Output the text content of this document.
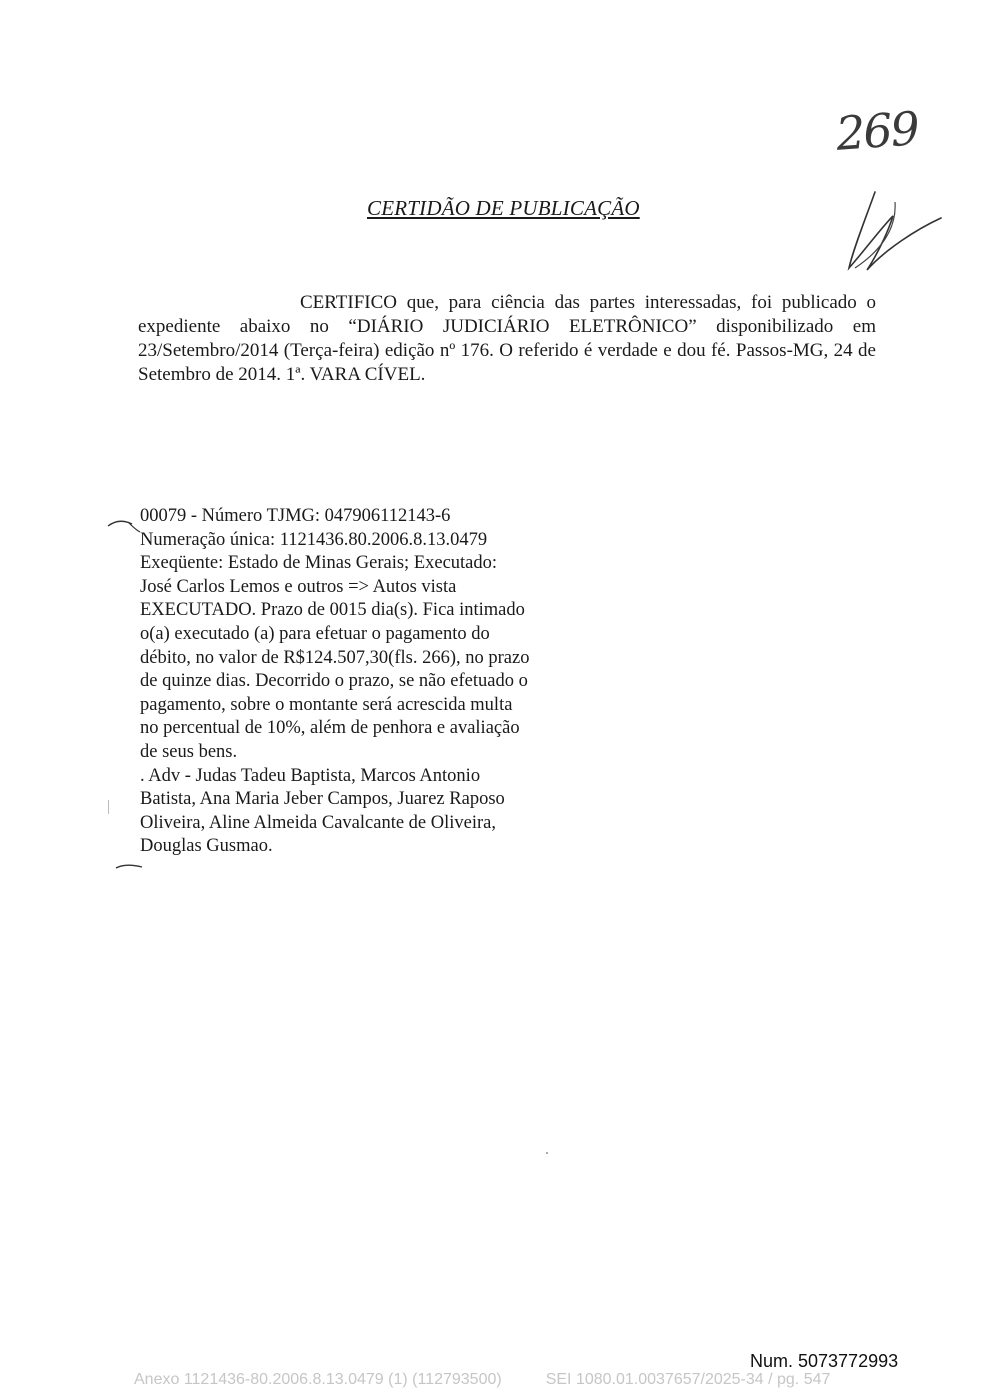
269
CERTIDÃO DE PUBLICAÇÃO
CERTIFICO que, para ciência das partes interessadas, foi publicado o expediente abaixo no “DIÁRIO JUDICIÁRIO ELETRÔNICO” disponibilizado em 23/Setembro/2014 (Terça-feira) edição nº 176. O referido é verdade e dou fé. Passos-MG, 24 de Setembro de 2014. 1ª. VARA CÍVEL.
00079 - Número TJMG: 047906112143-6
Numeração única: 1121436.80.2006.8.13.0479
Exeqüente: Estado de Minas Gerais; Executado:
José Carlos Lemos e outros => Autos vista
EXECUTADO. Prazo de 0015 dia(s). Fica intimado
o(a) executado (a) para efetuar o pagamento do
débito, no valor de R$124.507,30(fls. 266), no prazo
de quinze dias. Decorrido o prazo, se não efetuado o
pagamento, sobre o montante será acrescida multa
no percentual de 10%, além de penhora e avaliação
de seus bens.
. Adv - Judas Tadeu Baptista, Marcos Antonio
Batista, Ana Maria Jeber Campos, Juarez Raposo
Oliveira, Aline Almeida Cavalcante de Oliveira,
Douglas Gusmao.
Num. 5073772993
Anexo 1121436-80.2006.8.13.0479 (1) (112793500)	SEI 1080.01.0037657/2025-34 / pg. 547
